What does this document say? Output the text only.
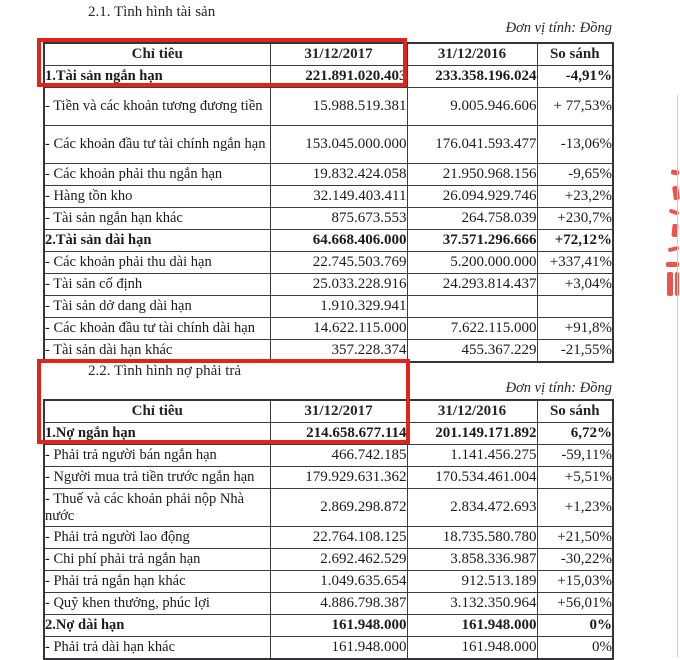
2.1. Tình hình tài sản
Đơn vị tính: Đồng
Chỉ tiêu	31/12/2017	31/12/2016	So sánh
1.Tài sản ngắn hạn	221.891.020.403	233.358.196.024	-4,91%
- Tiền và các khoản tương đương tiền	15.988.519.381	9.005.946.606	+ 77,53%
- Các khoản đầu tư tài chính ngắn hạn	153.045.000.000	176.041.593.477	-13,06%
- Các khoản phải thu ngắn hạn	19.832.424.058	21.950.968.156	-9,65%
- Hàng tồn kho	32.149.403.411	26.094.929.746	+23,2%
- Tài sản ngắn hạn khác	875.673.553	264.758.039	+230,7%
2.Tài sản dài hạn	64.668.406.000	37.571.296.666	+72,12%
- Các khoản phải thu dài hạn	22.745.503.769	5.200.000.000	+337,41%
- Tài sản cố định	25.033.228.916	24.293.814.437	+3,04%
- Tài sản dở dang dài hạn	1.910.329.941		
- Các khoản đầu tư tài chính dài hạn	14.622.115.000	7.622.115.000	+91,8%
- Tài sản dài hạn khác	357.228.374	455.367.229	-21,55%
2.2. Tình hình nợ phải trả
Đơn vị tính: Đồng
Chỉ tiêu	31/12/2017	31/12/2016	So sánh
1.Nợ ngắn hạn	214.658.677.114	201.149.171.892	6,72%
- Phải trả người bán ngắn hạn	466.742.185	1.141.456.275	-59,11%
- Người mua trả tiền trước ngắn hạn	179.929.631.362	170.534.461.004	+5,51%
- Thuế và các khoản phải nộp Nhà nước	2.869.298.872	2.834.472.693	+1,23%
- Phải trả người lao động	22.764.108.125	18.735.580.780	+21,50%
- Chi phí phải trả ngắn hạn	2.692.462.529	3.858.336.987	-30,22%
- Phải trả ngắn hạn khác	1.049.635.654	912.513.189	+15,03%
- Quỹ khen thưởng, phúc lợi	4.886.798.387	3.132.350.964	+56,01%
2.Nợ dài hạn	161.948.000	161.948.000	0%
- Phải trả dài hạn khác	161.948.000	161.948.000	0%
